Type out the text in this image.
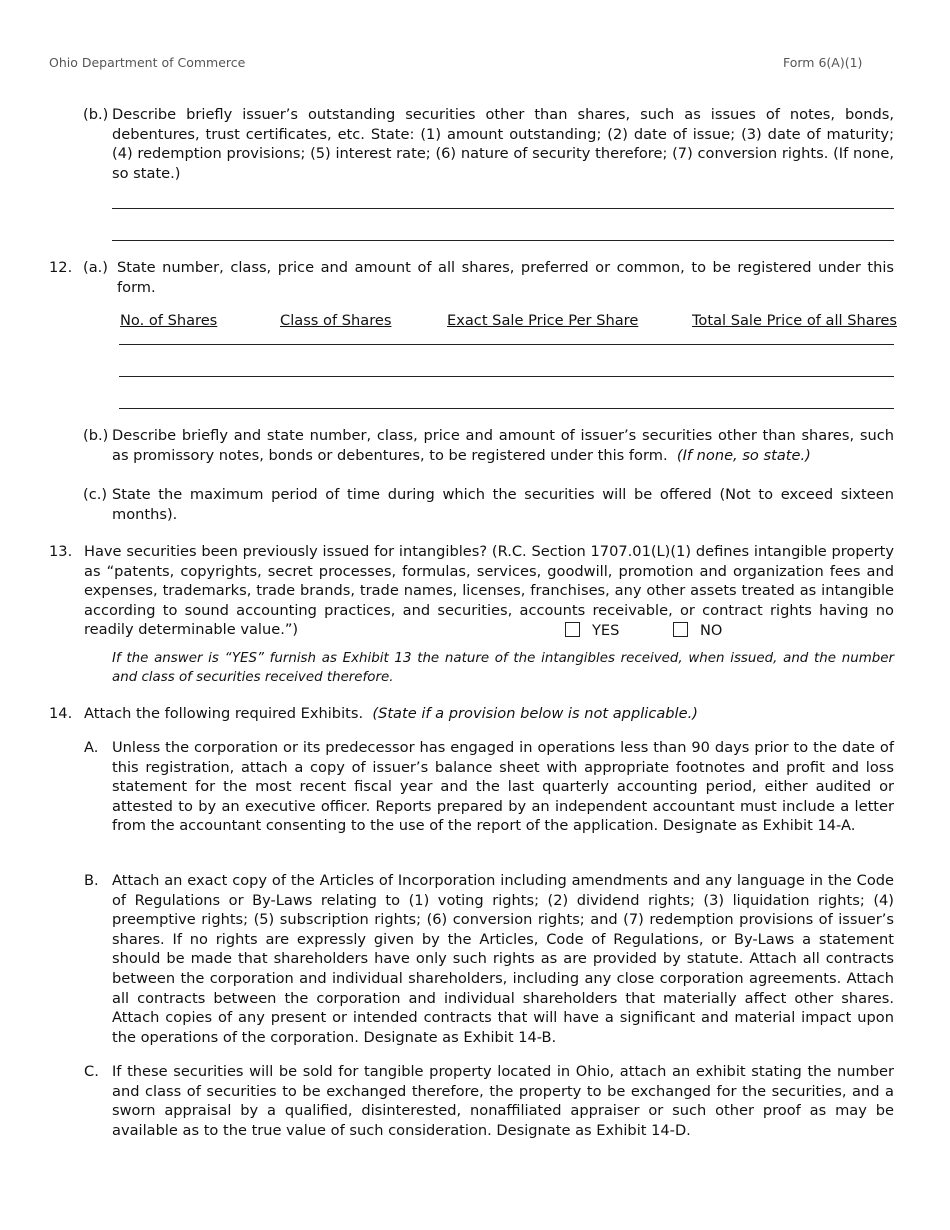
Ohio Department of Commerce	Form 6(A)(1)
(b.) Describe briefly issuer’s outstanding securities other than shares, such as issues of notes, bonds, debentures, trust certificates, etc. State: (1) amount outstanding; (2) date of issue; (3) date of maturity; (4) redemption provisions; (5) interest rate; (6) nature of security therefore; (7) conversion rights. (If none, so state.)
12. (a.) State number, class, price and amount of all shares, preferred or common, to be registered under this form.
No. of Shares	Class of Shares	Exact Sale Price Per Share	Total Sale Price of all Shares
(b.) Describe briefly and state number, class, price and amount of issuer’s securities other than shares, such as promissory notes, bonds or debentures, to be registered under this form. (If none, so state.)
(c.) State the maximum period of time during which the securities will be offered (Not to exceed sixteen months).
13. Have securities been previously issued for intangibles? (R.C. Section 1707.01(L)(1) defines intangible property as “patents, copyrights, secret processes, formulas, services, goodwill, promotion and organization fees and expenses, trademarks, trade brands, trade names, licenses, franchises, any other assets treated as intangible according to sound accounting practices, and securities, accounts receivable, or contract rights having no readily determinable value.”)	YES	NO
If the answer is “YES” furnish as Exhibit 13 the nature of the intangibles received, when issued, and the number and class of securities received therefore.
14. Attach the following required Exhibits. (State if a provision below is not applicable.)
A. Unless the corporation or its predecessor has engaged in operations less than 90 days prior to the date of this registration, attach a copy of issuer’s balance sheet with appropriate footnotes and profit and loss statement for the most recent fiscal year and the last quarterly accounting period, either audited or attested to by an executive officer. Reports prepared by an independent accountant must include a letter from the accountant consenting to the use of the report of the application. Designate as Exhibit 14-A.
B. Attach an exact copy of the Articles of Incorporation including amendments and any language in the Code of Regulations or By-Laws relating to (1) voting rights; (2) dividend rights; (3) liquidation rights; (4) preemptive rights; (5) subscription rights; (6) conversion rights; and (7) redemption provisions of issuer’s shares. If no rights are expressly given by the Articles, Code of Regulations, or By-Laws a statement should be made that shareholders have only such rights as are provided by statute. Attach all contracts between the corporation and individual shareholders, including any close corporation agreements. Attach all contracts between the corporation and individual shareholders that materially affect other shares. Attach copies of any present or intended contracts that will have a significant and material impact upon the operations of the corporation. Designate as Exhibit 14-B.
C. If these securities will be sold for tangible property located in Ohio, attach an exhibit stating the number and class of securities to be exchanged therefore, the property to be exchanged for the securities, and a sworn appraisal by a qualified, disinterested, nonaffiliated appraiser or such other proof as may be available as to the true value of such consideration. Designate as Exhibit 14-D.
